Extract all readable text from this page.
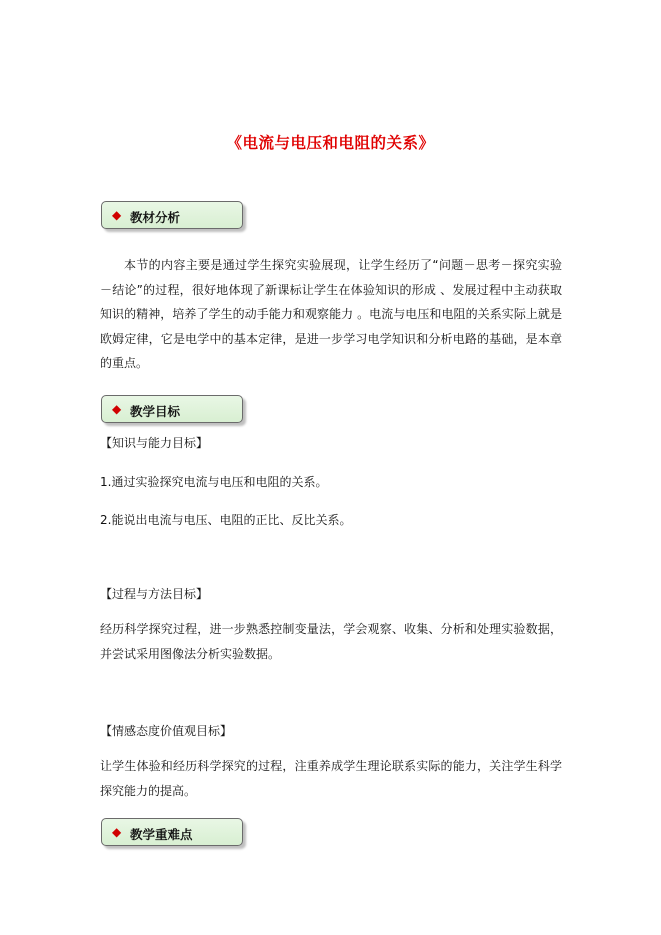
《电流与电压和电阻的关系》
◆ 教材分析

本节的内容主要是通过学生探究实验展现，让学生经历了“问题－思考－探究实验－结论”的过程，很好地体现了新课标让学生在体验知识的形成 、发展过程中主动获取知识的精神，培养了学生的动手能力和观察能力 。电流与电压和电阻的关系实际上就是欧姆定律，它是电学中的基本定律，是进一步学习电学知识和分析电路的基础，是本章的重点。

◆ 教学目标

【知识与能力目标】

1.通过实验探究电流与电压和电阻的关系。

2.能说出电流与电压、电阻的正比、反比关系。

【过程与方法目标】

经历科学探究过程，进一步熟悉控制变量法，学会观察、收集、分析和处理实验数据，并尝试采用图像法分析实验数据。

【情感态度价值观目标】

让学生体验和经历科学探究的过程，注重养成学生理论联系实际的能力，关注学生科学探究能力的提高。

◆ 教学重难点
